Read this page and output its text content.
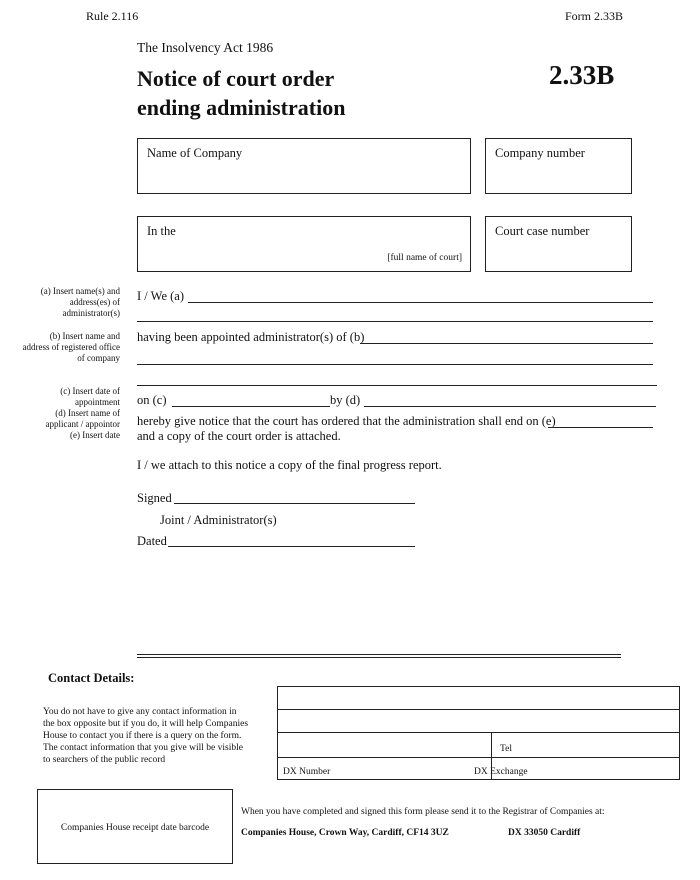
Rule 2.116	Form 2.33B
The Insolvency Act 1986
Notice of court order
ending administration
2.33B
Name of Company	Company number
In the
[full name of court]
Court case number
(a) Insert name(s) and
address(es) of
administrator(s)
(b) Insert name and
address of registered office
of company
(c) Insert date of
appointment
(d) Insert name of
applicant / appointor
(e) Insert date
I / We (a)
having been appointed administrator(s) of (b)
on (c)	by (d)
hereby give notice that the court has ordered that the administration shall end on (e)
and a copy of the court order is attached.
I / we attach to this notice a copy of the final progress report.
Signed
Joint / Administrator(s)
Dated
Contact Details:
You do not have to give any contact information in
the box opposite but if you do, it will help Companies
House to contact you if there is a query on the form.
The contact information that you give will be visible
to searchers of the public record
Tel
DX Number	DX Exchange
Companies House receipt date barcode
When you have completed and signed this form please send it to the Registrar of Companies at:
Companies House, Crown Way, Cardiff, CF14 3UZ	DX 33050 Cardiff
